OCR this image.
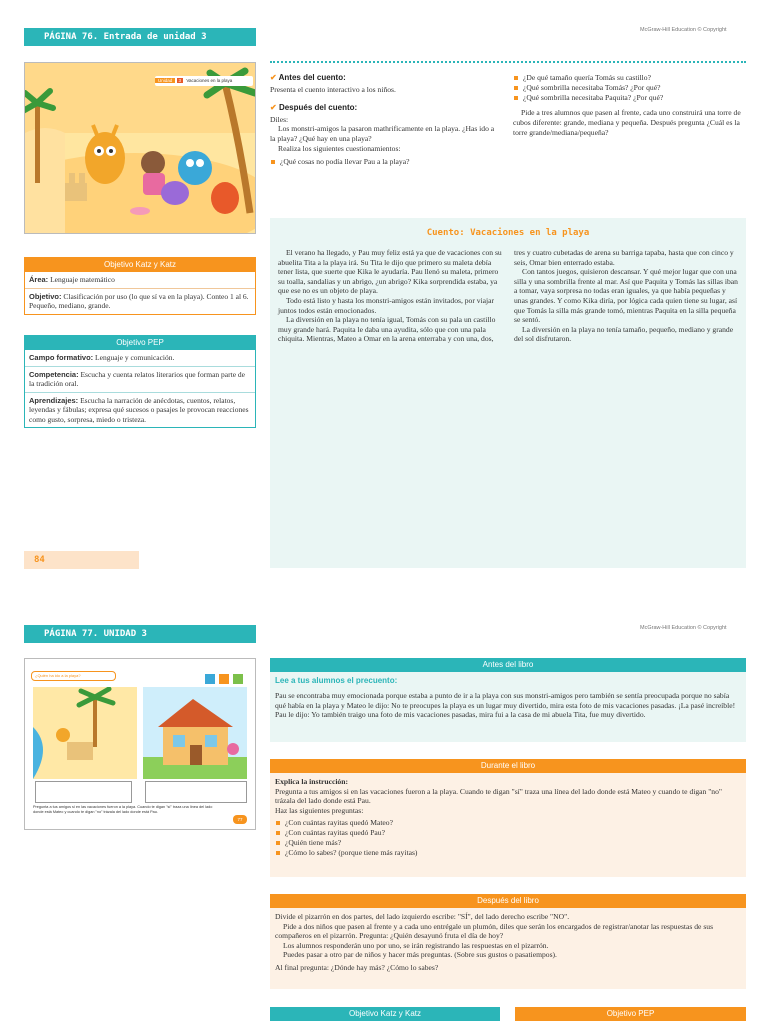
PÁGINA 76. Entrada de unidad 3
McGraw-Hill Education © Copyright
Unidad 3 Vacaciones en la playa
Objetivo Katz y Katz
Área: Lenguaje matemático
Objetivo: Clasificación por uso (lo que sí va en la playa). Conteo 1 al 6. Pequeño, mediano, grande.
Objetivo PEP
Campo formativo: Lenguaje y comunicación.
Competencia: Escucha y cuenta relatos literarios que forman parte de la tradición oral.
Aprendizajes: Escucha la narración de anécdotas, cuentos, relatos, leyendas y fábulas; expresa qué sucesos o pasajes le provocan reacciones como gusto, sorpresa, miedo o tristeza.
84
✔ Antes del cuento:
Presenta el cuento interactivo a los niños.
✔ Después del cuento:
Diles:

Los monstri-amigos la pasaron mathrificamente en la playa. ¿Has ido a la playa? ¿Qué hay en una playa?

Realiza los siguientes cuestionamientos:

¿Qué cosas no podía llevar Pau a la playa?
¿De qué tamaño quería Tomás su castillo?
¿Qué sombrilla necesitaba Tomás? ¿Por qué?
¿Qué sombrilla necesitaba Paquita? ¿Por qué?

Pide a tres alumnos que pasen al frente, cada uno construirá una torre de cubos diferente: grande, mediana y pequeña. Después pregunta ¿Cuál es la torre grande/mediana/pequeña?

Cuento: Vacaciones en la playa

El verano ha llegado, y Pau muy feliz está ya que de vacaciones con su abuelita Tita a la playa irá. Su Tita le dijo que primero su maleta debía tener lista, que suerte que Kika le ayudaría. Pau llenó su maleta, primero su toalla, sandalias y un abrigo, ¿un abrigo? Kika sorprendida estaba, ya que ese no es un objeto de playa.

Todo está listo y hasta los monstri-amigos están invitados, por viajar juntos todos están emocionados.

La diversión en la playa no tenía igual, Tomás con su pala un castillo muy grande hará. Paquita le daba una ayudita, sólo que con una pala chiquita. Mientras, Mateo a Omar en la arena enterraba y con una, dos, tres y cuatro cubetadas de arena su barriga tapaba, hasta que con cinco y seis, Omar bien enterrado estaba.

Con tantos juegos, quisieron descansar. Y qué mejor lugar que con una silla y una sombrilla frente al mar. Así que Paquita y Tomás las sillas iban a tomar, vaya sorpresa no todas eran iguales, ya que había pequeñas y unas grandes. Y como Kika diría, por lógica cada quien tiene su lugar, así que Tomás la silla más grande tomó, mientras Paquita en la silla pequeña se sentó.

La diversión en la playa no tenía tamaño, pequeño, mediano y grande del sol disfrutaron.

PÁGINA 77. UNIDAD 3
McGraw-Hill Education © Copyright
¿Quién ha ido a la playa?

Pregunta a tus amigos si en las vacaciones fueron a la playa. Cuando te digan "sí" traza una línea del lado donde está Mateo y cuando te digan "no" trázala del lado donde está Pau.
77
Antes del libro
Lee a tus alumnos el precuento:
Pau se encontraba muy emocionada porque estaba a punto de ir a la playa con sus monstri-amigos pero también se sentía preocupada porque no sabía qué había en la playa y Mateo le dijo: No te preocupes la playa es un lugar muy divertido, mira esta foto de mis vacaciones pasadas. ¡La pasé increíble! Pau le dijo: Yo también traigo una foto de mis vacaciones pasadas, mira fui a la casa de mi abuela Tita, fue muy divertido.
Durante el libro
Explica la instrucción:
Pregunta a tus amigos si en las vacaciones fueron a la playa. Cuando te digan "sí" traza una línea del lado donde está Mateo y cuando te digan "no" trázala del lado donde está Pau.
Haz las siguientes preguntas:
¿Con cuántas rayitas quedó Mateo?
¿Con cuántas rayitas quedó Pau?
¿Quién tiene más?
¿Cómo lo sabes? (porque tiene más rayitas)
Después del libro
Divide el pizarrón en dos partes, del lado izquierdo escribe: "SÍ", del lado derecho escribe "NO".

Pide a dos niños que pasen al frente y a cada uno entrégale un plumón, diles que serán los encargados de registrar/anotar las respuestas de sus compañeros en el pizarrón. Pregunta: ¿Quién desayunó fruta el día de hoy?

Los alumnos responderán uno por uno, se irán registrando las respuestas en el pizarrón.

Puedes pasar a otro par de niños y hacer más preguntas. (Sobre sus gustos o pasatiempos).

Al final pregunta: ¿Dónde hay más? ¿Cómo lo sabes?
Objetivo Katz y Katz	Objetivo PEP
